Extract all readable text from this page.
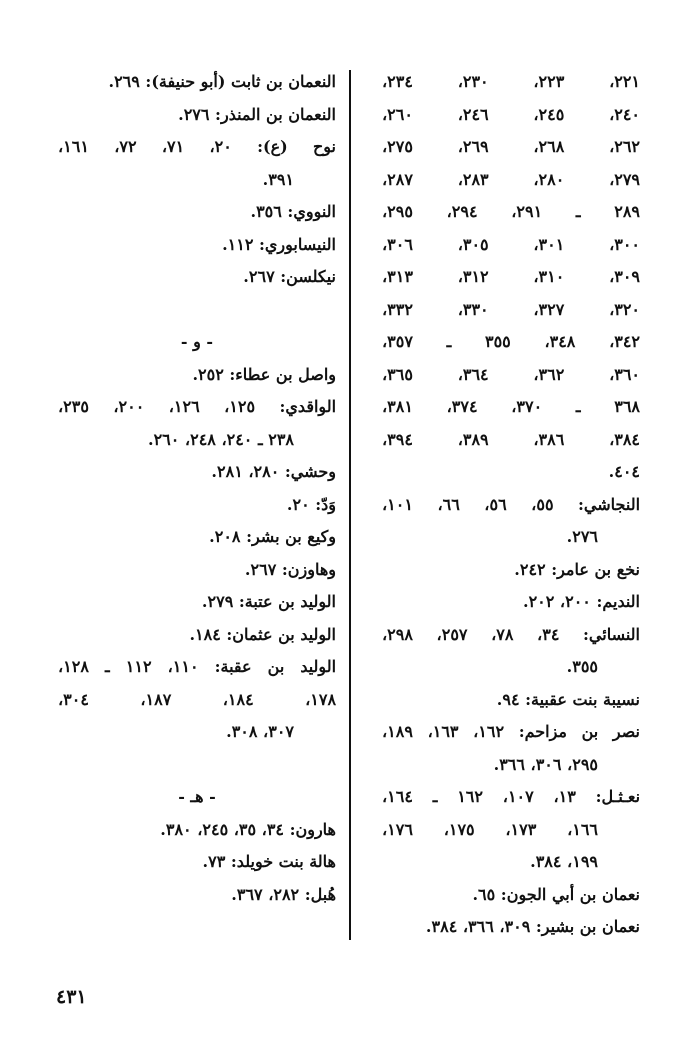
٢٢١، ٢٢٣، ٢٣٠، ٢٣٤،
٢٤٠، ٢٤٥، ٢٤٦، ٢٦٠،
٢٦٢، ٢٦٨، ٢٦٩، ٢٧٥،
٢٧٩، ٢٨٠، ٢٨٣، ٢٨٧،
٢٨٩ ـ ٢٩١، ٢٩٤، ٢٩٥،
٣٠٠، ٣٠١، ٣٠٥، ٣٠٦،
٣٠٩، ٣١٠، ٣١٢، ٣١٣،
٣٢٠، ٣٢٧، ٣٣٠، ٣٣٢،
٣٤٢، ٣٤٨، ٣٥٥ ـ ٣٥٧،
٣٦٠، ٣٦٢، ٣٦٤، ٣٦٥،
٣٦٨ ـ ٣٧٠، ٣٧٤، ٣٨١،
٣٨٤، ٣٨٦، ٣٨٩، ٣٩٤،
٤٠٤.
النجاشي: ٥٥، ٥٦، ٦٦، ١٠١،
٢٧٦.
نخع بن عامر: ٢٤٢.
النديم: ٢٠٠، ٢٠٢.
النسائي: ٣٤، ٧٨، ٢٥٧، ٢٩٨،
٣٥٥.
نسيبة بنت عقبية: ٩٤.
نصر بن مزاحم: ١٦٢، ١٦٣، ١٨٩،
٢٩٥، ٣٠٦، ٣٦٦.
نعـثـل: ١٣، ١٠٧، ١٦٢ ـ ١٦٤،
١٦٦، ١٧٣، ١٧٥، ١٧٦،
١٩٩، ٣٨٤.
نعمان بن أبي الجون: ٦٥.
نعمان بن بشير: ٣٠٩، ٣٦٦، ٣٨٤.
النعمان بن ثابت (أبو حنيفة): ٢٦٩.
النعمان بن المنذر: ٢٧٦.
نوح (ع): ٢٠، ٧١، ٧٢، ١٦١،
٣٩١.
النووي: ٣٥٦.
النيسابوري: ١١٢.
نيكلسن: ٢٦٧.
- و -
واصل بن عطاء: ٢٥٢.
الواقدي: ١٢٥، ١٢٦، ٢٠٠، ٢٣٥،
٢٣٨ ـ ٢٤٠، ٢٤٨، ٢٦٠.
وحشي: ٢٨٠، ٢٨١.
وَدّ: ٢٠.
وكيع بن بشر: ٢٠٨.
وهاوزن: ٢٦٧.
الوليد بن عتبة: ٢٧٩.
الوليد بن عثمان: ١٨٤.
الوليد بن عقبة: ١١٠، ١١٢ ـ ١٢٨،
١٧٨، ١٨٤، ١٨٧، ٣٠٤،
٣٠٧، ٣٠٨.
- هـ -
هارون: ٣٤، ٣٥، ٢٤٥، ٣٨٠.
هالة بنت خويلد: ٧٣.
هُبل: ٢٨٢، ٣٦٧.
٤٣١
